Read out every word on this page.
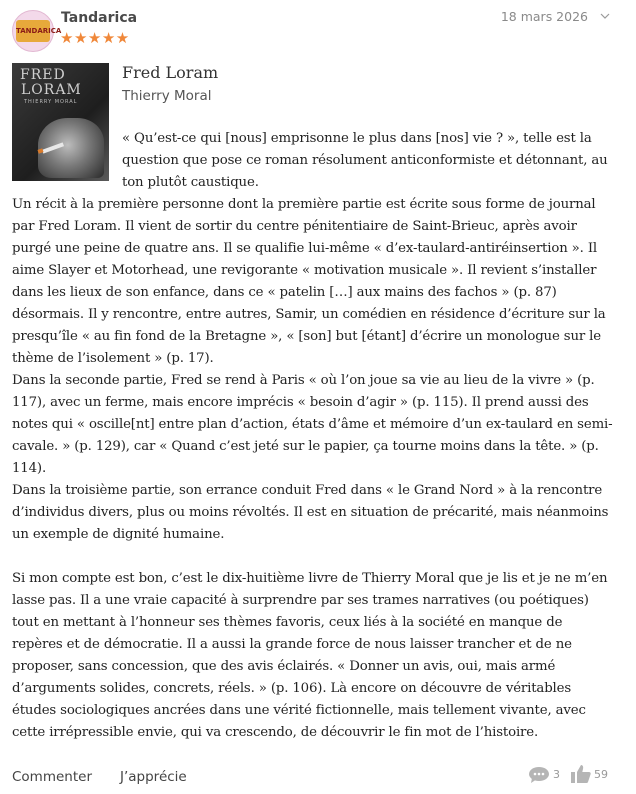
TANDARICA
Tandarica
★★★★★
18 mars 2026
FRED
LORAM
THIERRY MORAL
Fred Loram
Thierry Moral

« Qu’est-ce qui [nous] emprisonne le plus dans [nos] vie ? », telle est la question que pose ce roman résolument anticonformiste et détonnant, au ton plutôt caustique.

Un récit à la première personne dont la première partie est écrite sous forme de journal par Fred Loram. Il vient de sortir du centre pénitentiaire de Saint-Brieuc, après avoir purgé une peine de quatre ans. Il se qualifie lui-même « d’ex-taulard-antiréinsertion ». Il aime Slayer et Motorhead, une revigorante « motivation musicale ». Il revient s’installer dans les lieux de son enfance, dans ce « patelin […] aux mains des fachos » (p. 87) désormais. Il y rencontre, entre autres, Samir, un comédien en résidence d’écriture sur la presqu’île « au fin fond de la Bretagne », « [son] but [étant] d’écrire un monologue sur le thème de l’isolement » (p. 17).

Dans la seconde partie, Fred se rend à Paris « où l’on joue sa vie au lieu de la vivre » (p. 117), avec un ferme, mais encore imprécis « besoin d’agir » (p. 115). Il prend aussi des notes qui « oscille[nt] entre plan d’action, états d’âme et mémoire d’un ex-taulard en semi-cavale. » (p. 129), car « Quand c’est jeté sur le papier, ça tourne moins dans la tête. » (p. 114).

Dans la troisième partie, son errance conduit Fred dans « le Grand Nord » à la rencontre d’individus divers, plus ou moins révoltés. Il est en situation de précarité, mais néanmoins un exemple de dignité humaine.

Si mon compte est bon, c’est le dix-huitième livre de Thierry Moral que je lis et je ne m’en lasse pas. Il a une vraie capacité à surprendre par ses trames narratives (ou poétiques) tout en mettant à l’honneur ses thèmes favoris, ceux liés à la société en manque de repères et de démocratie. Il a aussi la grande force de nous laisser trancher et de ne proposer, sans concession, que des avis éclairés. « Donner un avis, oui, mais armé d’arguments solides, concrets, réels. » (p. 106). Là encore on découvre de véritables études sociologiques ancrées dans une vérité fictionnelle, mais tellement vivante, avec cette irrépressible envie, qui va crescendo, de découvrir le fin mot de l’histoire.

Commenter J’apprécie	3	59
